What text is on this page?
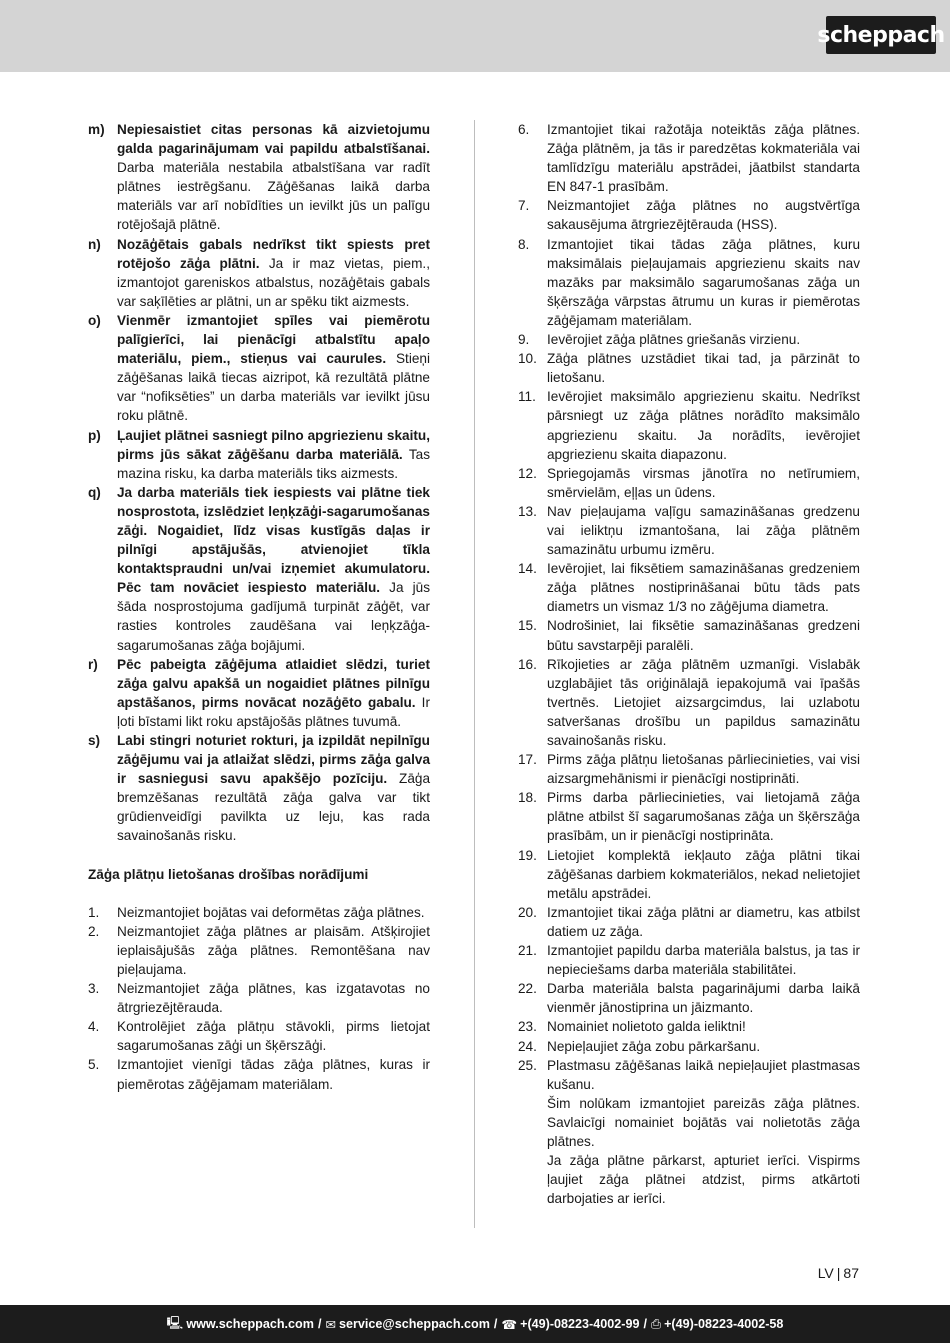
scheppach
m) Nepiesaistiet citas personas kā aizvietojumu galda pagarinājumam vai papildu atbalstīšanai. Darba materiāla nestabila atbalstīšana var radīt plātnes iestrēgšanu. Zāģēšanas laikā darba materiāls var arī nobīdīties un ievilkt jūs un palīgu rotējošajā plātnē.
n)	Nozāģētais gabals nedrīkst tikt spiests pret rotējošo zāģa plātni. Ja ir maz vietas, piem., izmantojot gareniskos atbalstus, nozāģētais gabals var saķīlēties ar plātni, un ar spēku tikt aizmests.
o)	Vienmēr izmantojiet spīles vai piemērotu palīgierīci, lai pienācīgi atbalstītu apaļo materiālu, piem., stieņus vai caurules. Stieņi zāģēšanas laikā tiecas aizripot, kā rezultātā plātne var “nofiksēties” un darba materiāls var ievilkt jūsu roku plātnē.
p)	Ļaujiet plātnei sasniegt pilno apgriezienu skaitu, pirms jūs sākat zāģēšanu darba materiālā. Tas mazina risku, ka darba materiāls tiks aizmests.
q)	Ja darba materiāls tiek iespiests vai plātne tiek nosprostota, izslēdziet leņķzāģi-sagarumošanas zāģi. Nogaidiet, līdz visas kustīgās daļas ir pilnīgi apstājušās, atvienojiet tīkla kontaktspraudni un/vai izņemiet akumulatoru. Pēc tam novāciet iespiesto materiālu. Ja jūs šāda nosprostojuma gadījumā turpināt zāģēt, var rasties kontroles zaudēšana vai leņķzāģa-sagarumošanas zāģa bojājumi.
r)	Pēc pabeigta zāģējuma atlaidiet slēdzi, turiet zāģa galvu apakšā un nogaidiet plātnes pilnīgu apstāšanos, pirms novācat nozāģēto gabalu. Ir ļoti bīstami likt roku apstājošās plātnes tuvumā.
s)	Labi stingri noturiet rokturi, ja izpildāt nepilnīgu zāģējumu vai ja atlaižat slēdzi, pirms zāģa galva ir sasniegusi savu apakšējo pozīciju. Zāģa bremzēšanas rezultātā zāģa galva var tikt grūdienveidīgi pavilkta uz leju, kas rada savainošanās risku.
Zāģa plātņu lietošanas drošības norādījumi
1.	Neizmantojiet bojātas vai deformētas zāģa plātnes.
2.	Neizmantojiet zāģa plātnes ar plaisām. Atšķirojiet ieplaisājušās zāģa plātnes. Remontēšana nav pieļaujama.
3.	Neizmantojiet zāģa plātnes, kas izgatavotas no ātrgriezējtērauda.
4.	Kontrolējiet zāģa plātņu stāvokli, pirms lietojat sagarumošanas zāģi un šķērszāģi.
5.	Izmantojiet vienīgi tādas zāģa plātnes, kuras ir piemērotas zāģējamam materiālam.
6.	Izmantojiet tikai ražotāja noteiktās zāģa plātnes. Zāģa plātnēm, ja tās ir paredzētas kokmateriāla vai tamlīdzīgu materiālu apstrādei, jāatbilst standarta EN 847-1 prasībām.
7.	Neizmantojiet zāģa plātnes no augstvērtīga sakausējuma ātrgriezējtērauda (HSS).
8.	Izmantojiet tikai tādas zāģa plātnes, kuru maksimālais pieļaujamais apgriezienu skaits nav mazāks par maksimālo sagarumošanas zāģa un šķērszāģa vārpstas ātrumu un kuras ir piemērotas zāģējamam materiālam.
9.	Ievērojiet zāģa plātnes griešanās virzienu.
10. Zāģa plātnes uzstādiet tikai tad, ja pārzināt to lietošanu.
11. Ievērojiet maksimālo apgriezienu skaitu. Nedrīkst pārsniegt uz zāģa plātnes norādīto maksimālo apgriezienu skaitu. Ja norādīts, ievērojiet apgriezienu skaita diapazonu.
12. Spriegojamās virsmas jānotīra no netīrumiem, smērvielām, eļļas un ūdens.
13. Nav pieļaujama vaļīgu samazināšanas gredzenu vai ieliktņu izmantošana, lai zāģa plātnēm samazinātu urbumu izmēru.
14. Ievērojiet, lai fiksētiem samazināšanas gredzeniem zāģa plātnes nostiprināšanai būtu tāds pats diametrs un vismaz 1/3 no zāģējuma diametra.
15. Nodrošiniet, lai fiksētie samazināšanas gredzeni būtu savstarpēji paralēli.
16. Rīkojieties ar zāģa plātnēm uzmanīgi. Vislabāk uzglabājiet tās oriģinālajā iepakojumā vai īpašās tvertnēs. Lietojiet aizsargcimdus, lai uzlabotu satveršanas drošību un papildus samazinātu savainošanās risku.
17. Pirms zāģa plātņu lietošanas pārliecinieties, vai visi aizsargmehānismi ir pienācīgi nostiprināti.
18. Pirms darba pārliecinieties, vai lietojamā zāģa plātne atbilst šī sagarumošanas zāģa un šķērszāģa prasībām, un ir pienācīgi nostiprināta.
19. Lietojiet komplektā iekļauto zāģa plātni tikai zāģēšanas darbiem kokmateriālos, nekad nelietojiet metālu apstrādei.
20. Izmantojiet tikai zāģa plātni ar diametru, kas atbilst datiem uz zāģa.
21. Izmantojiet papildu darba materiāla balstus, ja tas ir nepieciešams darba materiāla stabilitātei.
22. Darba materiāla balsta pagarinājumi darba laikā vienmēr jānostiprina un jāizmanto.
23. Nomainiet nolietoto galda ieliktni!
24. Nepieļaujiet zāģa zobu pārkaršanu.
25. Plastmasu zāģēšanas laikā nepieļaujiet plastmasas kušanu.
Šim nolūkam izmantojiet pareizās zāģa plātnes. Savlaicīgi nomainiet bojātās vai nolietotās zāģa plātnes.
Ja zāģa plātne pārkarst, apturiet ierīci. Vispirms ļaujiet zāģa plātnei atdzist, pirms atkārtoti darbojaties ar ierīci.
LV | 87
🖳 www.scheppach.com / ✉ service@scheppach.com / ☎ +(49)-08223-4002-99 / ⎙ +(49)-08223-4002-58
